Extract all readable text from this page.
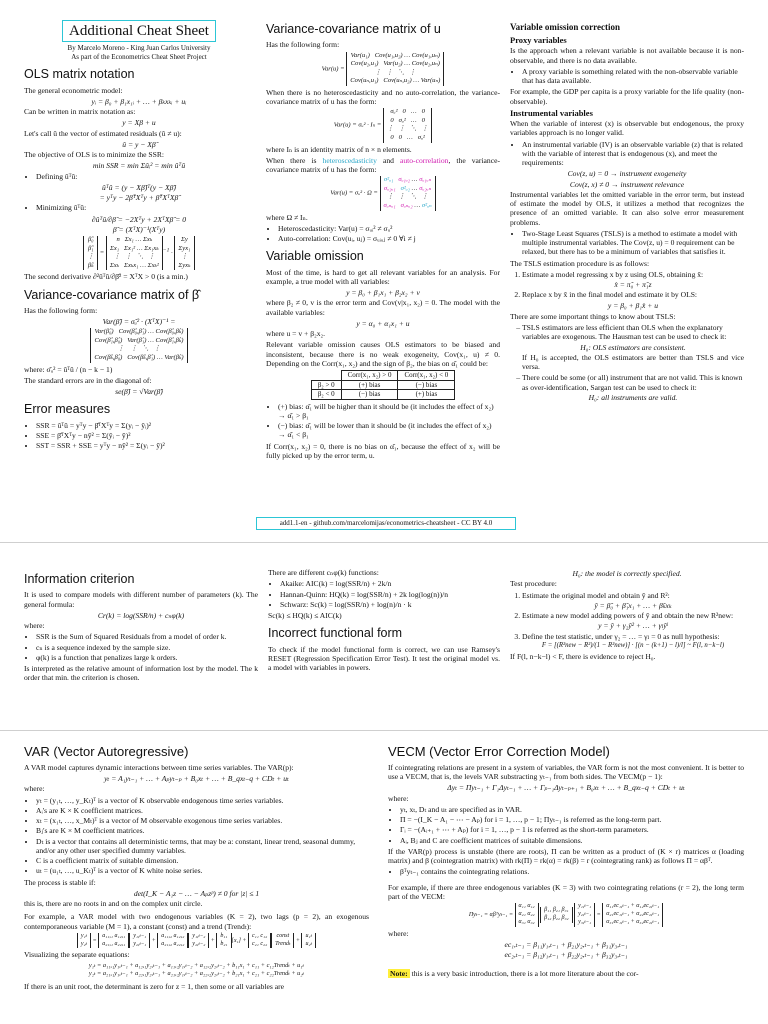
Additional Cheat Sheet
By Marcelo Moreno - King Juan Carlos University
As part of the Econometrics Cheat Sheet Project
OLS matrix notation

The general econometric model:

yᵢ = β₀ + β₁x₁ᵢ + … + βₖxₖᵢ + uᵢ

Can be written in matrix notation as:

y = Xβ + u

Let's call û the vector of estimated residuals (û ≠ u):

û = y − Xβ̂

The objective of OLS is to minimize the SSR:

min SSR = min Σûᵢ² = min ûᵀû
• Defining ûᵀû:
ûᵀû = (y − Xβ̂)ᵀ(y − Xβ̂)
= yᵀy − 2β̂ᵀXᵀy + β̂ᵀXᵀXβ̂
• Minimizing ûᵀû:
∂ûᵀû/∂β̂ = −2Xᵀy + 2XᵀXβ̂ = 0
β̂ = (XᵀX)⁻¹(Xᵀy)
β̂₀
β̂₁
⋮
β̂ₖ = n   Σx₁ … Σxₖ
Σx₁   Σx₁² … Σx₁xₖ
⋮   ⋮   ⋱   ⋮
Σxₖ   Σxₖx₁ … Σxₖ²$^{-1}$ · Σy
Σyx₁
⋮
Σyxₖ

The second derivative ∂²ûᵀû/∂β̂² = XᵀX > 0 (is a min.)

Variance-covariance matrix of β̂

Has the following form:

Var(β̂) = σ̂ᵤ² · (XᵀX)⁻¹ =
Var(β̂₀)   Cov(β̂₀,β̂₁) … Cov(β̂₀,β̂ₖ)
Cov(β̂₁,β̂₀)   Var(β̂₁) … Cov(β̂₁,β̂ₖ)
⋮    ⋮   ⋱   ⋮
Cov(β̂ₖ,β̂₀)   Cov(β̂ₖ,β̂₁) … Var(β̂ₖ)

where: σ̂ᵤ² = ûᵀû / (n − k − 1)

The standard errors are in the diagonal of:

se(β̂) = √Var(β̂)
Error measures
• SSR = ûᵀû = yᵀy − β̂ᵀXᵀy = Σ(yᵢ − ŷᵢ)²
• SSE = β̂ᵀXᵀy − nȳ² = Σ(ŷᵢ − ȳ)²
• SST = SSR + SSE = yᵀy − nȳ² = Σ(yᵢ − ȳ)²
Variance-covariance matrix of u

Has the following form:

Var(u) = Var(u₁)   Cov(u₁,u₂) … Cov(u₁,uₙ)
Cov(u₂,u₁)   Var(u₂) … Cov(u₂,uₙ)
⋮   ⋮   ⋱   ⋮
Cov(uₙ,u₁)   Cov(uₙ,u₂) … Var(uₙ)

When there is no heteroscedasticity and no auto-correlation, the variance-covariance matrix of u has the form:

Var(u) = σᵤ² · Iₙ = σᵤ²   0   …   0
0   σᵤ²   …   0
⋮   ⋮   ⋱   ⋮
0   0   …   σᵤ²

where Iₙ is an identity matrix of n × n elements.

When there is heteroscedasticity and auto-correlation, the variance-covariance matrix of u has the form:

Var(u) = σᵤ² · Ω = σ²ᵤ₁ σᵤ₁ᵤ₂ … σᵤ₁ᵤₙ
σᵤ₂ᵤ₁ σ²ᵤ₂ … σᵤ₂ᵤₙ
⋮   ⋮   ⋱   ⋮
σᵤₙᵤ₁ σᵤₙᵤ₂ … σ²ᵤₙ

where Ω ≠ Iₙ.

• Heteroscedasticity: Var(u) = σᵤᵢ² ≠ σᵤ²
• Auto-correlation: Cov(uᵢ, uⱼ) = σᵤᵢᵤⱼ ≠ 0 ∀i ≠ j
Variable omission

Most of the time, is hard to get all relevant variables for an analysis. For example, a true model with all variables:

y = β₀ + β₁x₁ + β₂x₂ + v

where β₂ ≠ 0, v is the error term and Cov(v|x₁, x₂) = 0. The model with the available variables:

y = α₀ + α₁x₁ + u

where u = v + β₂x₂.

Relevant variable omission causes OLS estimators to be biased and inconsistent, because there is no weak exogeneity, Cov(x₁, u) ≠ 0. Depending on the Corr(x₁, x₂) and the sign of β₂, the bias on α̂₁ could be:

	Corr(x₁, x₂) > 0	Corr(x₁, x₂) < 0
β₂ > 0	(+) bias	(−) bias
β₂ < 0	(−) bias	(+) bias
• (+) bias: α̂₁ will be higher than it should be (it includes the effect of x₂) → α̂₁ > β₁
• (−) bias: α̂₁ will be lower than it should be (it includes the effect of x₂) → α̂₁ < β₁

If Corr(x₁, x₂) = 0, there is no bias on α̂₁, because the effect of x₂ will be fully picked up by the error term, u.

Variable omission correction
Proxy variables

Is the approach when a relevant variable is not available because it is non-observable, and there is no data available.

• A proxy variable is something related with the non-observable variable that has data available.

For example, the GDP per capita is a proxy variable for the life quality (non-observable).

Instrumental variables

When the variable of interest (x) is observable but endogenous, the proxy variables approach is no longer valid.

• An instrumental variable (IV) is an observable variable (z) that is related with the variable of interest that is endogenous (x), and meet the requirements:
Cov(z, u) = 0 → instrument exogeneity
Cov(z, x) ≠ 0 → instrument relevance

Instrumental variables let the omitted variable in the error term, but instead of estimate the model by OLS, it utilizes a method that recognizes the presence of an omitted variable. It can also solve error measurement problems.

• Two-Stage Least Squares (TSLS) is a method to estimate a model with multiple instrumental variables. The Cov(z, u) = 0 requirement can be relaxed, but there has to be a minimum of variables that satisfies it.

The TSLS estimation procedure is as follows:

1. Estimate a model regressing x by z using OLS, obtaining x̂:
x̂ = π̂₀ + π̂₁z
2. Replace x by x̂ in the final model and estimate it by OLS:
y = β₀ + β₁x̂ + u

There are some important things to know about TSLS:

– TSLS estimators are less efficient than OLS when the explanatory variables are exogenous. The Hausman test can be used to check it:
H₀: OLS estimators are consistent.

If H₀ is accepted, the OLS estimators are better than TSLS and vice versa.

– There could be some (or all) instrument that are not valid. This is known as over-identification, Sargan test can be used to check it:
H₀: all instruments are valid.
add1.1-en - github.com/marcelomijas/econometrics-cheatsheet - CC BY 4.0
Information criterion

It is used to compare models with different number of parameters (k). The general formula:

Cr(k) = log(SSR/n) + cₙφ(k)

where:

• SSR is the Sum of Squared Residuals from a model of order k.
• cₙ is a sequence indexed by the sample size.
• φ(k) is a function that penalizes large k orders.

Is interpreted as the relative amount of information lost by the model. The k order that min. the criterion is chosen.

There are different cₙφ(k) functions:

• Akaike: AIC(k) = log(SSR/n) + 2k/n
• Hannan-Quinn: HQ(k) = log(SSR/n) + 2k log(log(n))/n
• Schwarz: Sc(k) = log(SSR/n) + log(n)/n · k

Sc(k) ≤ HQ(k) ≤ AIC(k)

Incorrect functional form

To check if the model functional form is correct, we can use Ramsey's RESET (Regression Specification Error Test). It test the original model vs. a model with variables in powers.

H₀: the model is correctly specified.

Test procedure:

1. Estimate the original model and obtain ŷ and R²:
ŷ = β̂₀ + β̂₁x₁ + … + β̂ₖxₖ
2. Estimate a new model adding powers of ŷ and obtain the new R²new:
y = ŷ + γ₂ŷ² + … + γₗŷˡ
3. Define the test statistic, under γ₂ = … = γₗ = 0 as null hypothesis:
F = [(R²new − R²)/(1 − R²new)] · [(n − (k+1) − l)/l] ~ F(l, n−k−l)

If F(l, n−k−l) < F, there is evidence to reject H₀.

VAR (Vector Autoregressive)

A VAR model captures dynamic interactions between time series variables. The VAR(p):

yₜ = A₁yₜ₋₁ + … + Aₚyₜ₋ₚ + B₀xₜ + … + B_qxₜ₋q + CDₜ + uₜ

where:

• yₜ = (y₁ₜ, …, y_Kₜ)ᵀ is a vector of K observable endogenous time series variables.
• Aᵢ's are K × K coefficient matrices.
• xₜ = (x₁ₜ, …, x_Mₜ)ᵀ is a vector of M observable exogenous time series variables.
• Bⱼ's are K × M coefficient matrices.
• Dₜ is a vector that contains all deterministic terms, that may be a: constant, linear trend, seasonal dummy, and/or any other user specified dummy variables.
• C is a coefficient matrix of suitable dimension.
• uₜ = (u₁ₜ, …, u_Kₜ)ᵀ is a vector of K white noise series.

The process is stable if:

det(I_K − A₁z − … − Aₚzᵖ) ≠ 0 for |z| ≤ 1

this is, there are no roots in and on the complex unit circle.

For example, a VAR model with two endogenous variables (K = 2), two lags (p = 2), an exogenous contemporaneous variable (M = 1), a constant (const) and a trend (Trendₜ):

y₁ₜ
y₂ₜ = a₁₁,₁ a₁₂,₁
a₂₁,₁ a₂₂,₁y₁,ₜ₋₁
y₂,ₜ₋₁ + a₁₁,₂ a₁₂,₂
a₂₁,₂ a₂₂,₂y₁,ₜ₋₂
y₂,ₜ₋₂ + b₁₁
b₂₁ [x₁] + c₁₁ c₁₂
c₂₁ c₂₂const
Trendₜ + u₁ₜ
u₂ₜ

Visualizing the separate equations:

y₁ₜ = a₁₁,₁y₁,ₜ₋₁ + a₁₂,₁y₂,ₜ₋₁ + a₁₁,₂y₁,ₜ₋₂ + a₁₂,₂y₂,ₜ₋₂ + b₁₁x₁ + c₁₁ + c₁₂Trendₜ + u₁ₜ
y₂ₜ = a₂₁,₁y₁,ₜ₋₁ + a₂₂,₁y₂,ₜ₋₁ + a₂₁,₂y₁,ₜ₋₂ + a₂₂,₂y₂,ₜ₋₂ + b₂₁x₁ + c₂₁ + c₂₂Trendₜ + u₂ₜ

If there is an unit root, the determinant is zero for z = 1, then some or all variables are

VECM (Vector Error Correction Model)

If cointegrating relations are present in a system of variables, the VAR form is not the most convenient. It is better to use a VECM, that is, the levels VAR substracting yₜ₋₁ from both sides. The VECM(p − 1):

Δyₜ = Πyₜ₋₁ + Γ₁Δyₜ₋₁ + … + Γₚ₋₁Δyₜ₋ₚ₊₁ + B₀xₜ + … + B_qxₜ₋q + CDₜ + uₜ

where:

• yₜ, xₜ, Dₜ and uₜ are specified as in VAR.
• Π = −(I_K − A₁ − ⋯ − Aₚ) for i = 1, …, p − 1; Πyₜ₋₁ is referred as the long-term part.
• Γᵢ = −(Aᵢ₊₁ + ⋯ + Aₚ) for i = 1, …, p − 1 is referred as the short-term parameters.
• Aᵢ, Bⱼ and C are coefficient matrices of suitable dimensions.

If the VAR(p) process is unstable (there are roots), Π can be written as a product of (K × r) matrices α (loading matrix) and β (cointegration matrix) with rk(Π) = rk(α) = rk(β) = r (cointegrating rank) as follows Π = αβᵀ.

• βᵀyₜ₋₁ contains the cointegrating relations.

For example, if there are three endogenous variables (K = 3) with two cointegrating relations (r = 2), the long term part of the VECM:

Πyₜ₋₁ = αβᵀyₜ₋₁ = α₁₁ α₁₂
α₂₁ α₂₂
α₃₁ α₃₂ β₁₁ β₂₁ β₃₁
β₁₂ β₂₂ β₃₂ y₁,ₜ₋₁
y₂,ₜ₋₁
y₃,ₜ₋₁ = α₁₁ec₁,ₜ₋₁ + α₁₂ec₂,ₜ₋₁
α₂₁ec₁,ₜ₋₁ + α₂₂ec₂,ₜ₋₁
α₃₁ec₁,ₜ₋₁ + α₃₂ec₂,ₜ₋₁

where:

ec₁,ₜ₋₁ = β₁₁y₁,ₜ₋₁ + β₂₁y₂,ₜ₋₁ + β₃₁y₃,ₜ₋₁
ec₂,ₜ₋₁ = β₁₂y₁,ₜ₋₁ + β₂₂y₂,ₜ₋₁ + β₃₂y₃,ₜ₋₁

Note: this is a very basic introduction, there is a lot more literature about the cor-
